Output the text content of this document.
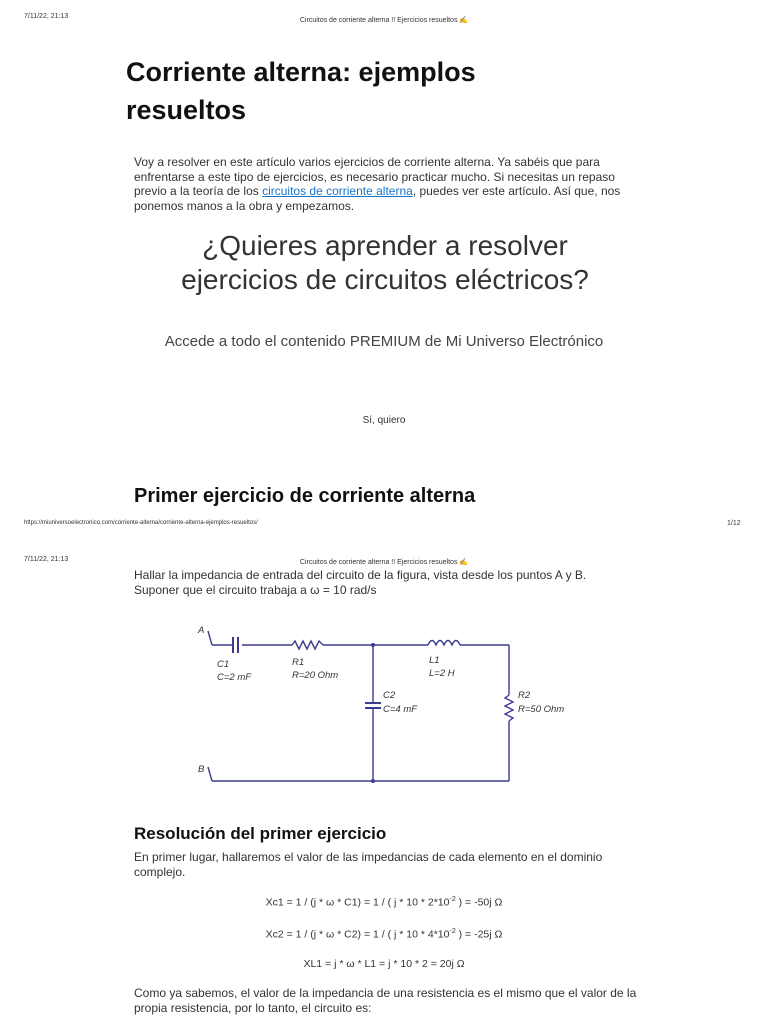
7/11/22, 21:13
Circuitos de corriente alterna !! Ejercicios resueltos ✍
Corriente alterna: ejemplos resueltos
Voy a resolver en este artículo varios ejercicios de corriente alterna. Ya sabéis que para enfrentarse a este tipo de ejercicios, es necesario practicar mucho. Si necesitas un repaso previo a la teoría de los circuitos de corriente alterna, puedes ver este artículo. Así que, nos ponemos manos a la obra y empezamos.
¿Quieres aprender a resolver ejercicios de circuitos eléctricos?
Accede a todo el contenido PREMIUM de Mi Universo Electrónico
Sí, quiero
Primer ejercicio de corriente alterna
https://miuniversoelectronico.com/corriente-alterna/corriente-alterna-ejemplos-resueltos/	1/12
7/11/22, 21:13	Circuitos de corriente alterna !! Ejercicios resueltos ✍
Hallar la impedancia de entrada del circuito de la figura, vista desde los puntos A y B. Suponer que el circuito trabaja a ω = 10 rad/s
A
B
C1
C=2 mF
R1
R=20 Ohm
L1
L=2 H
C2
C=4 mF
R2
R=50 Ohm
Resolución del primer ejercicio
En primer lugar, hallaremos el valor de las impedancias de cada elemento en el dominio complejo.
Xc1 = 1 / (j * ω * C1) = 1 / ( j * $10 * 2*10^{-2}$ ) = -50j Ω
Xc2 = 1 / (j * ω * C2) = 1 / ( j * $10 * 4*10^{-2}$ ) = -25j Ω
XL1 = j * ω * L1 = j * 10 * 2 = 20j Ω
Como ya sabemos, el valor de la impedancia de una resistencia es el mismo que el valor de la propia resistencia, por lo tanto, el circuito es:
